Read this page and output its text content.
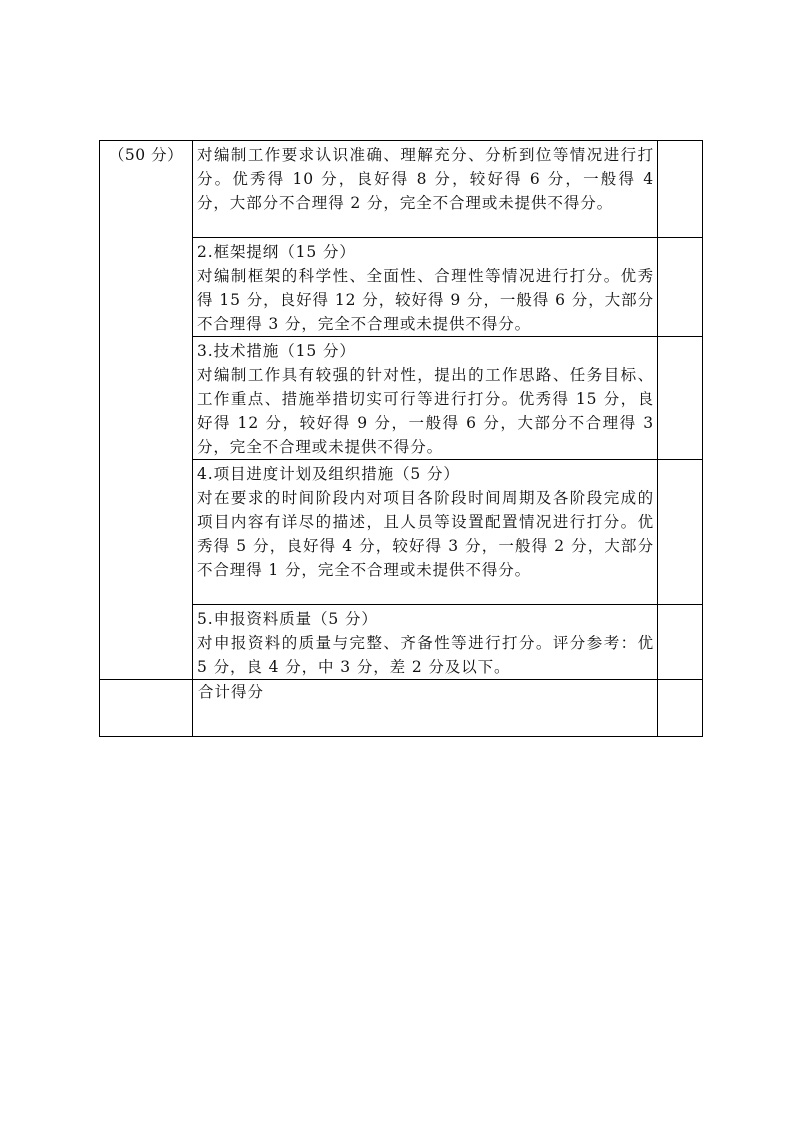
（50 分）	对编制工作要求认识准确、理解充分、分析到位等情况进行打分。优秀得 10 分，良好得 8 分，较好得 6 分，一般得 4 分，大部分不合理得 2 分，完全不合理或未提供不得分。	

	2.框架提纲（15 分）
对编制框架的科学性、全面性、合理性等情况进行打分。优秀得 15 分，良好得 12 分，较好得 9 分，一般得 6 分，大部分不合理得 3 分，完全不合理或未提供不得分。	

	3.技术措施（15 分）
对编制工作具有较强的针对性，提出的工作思路、任务目标、工作重点、措施举措切实可行等进行打分。优秀得 15 分，良好得 12 分，较好得 9 分，一般得 6 分，大部分不合理得 3 分，完全不合理或未提供不得分。	

	4.项目进度计划及组织措施（5 分）
对在要求的时间阶段内对项目各阶段时间周期及各阶段完成的项目内容有详尽的描述，且人员等设置配置情况进行打分。优秀得 5 分，良好得 4 分，较好得 3 分，一般得 2 分，大部分不合理得 1 分，完全不合理或未提供不得分。	

	5.申报资料质量（5 分）
对申报资料的质量与完整、齐备性等进行打分。评分参考：优 5 分，良 4 分，中 3 分，差 2 分及以下。	

	合计得分	
